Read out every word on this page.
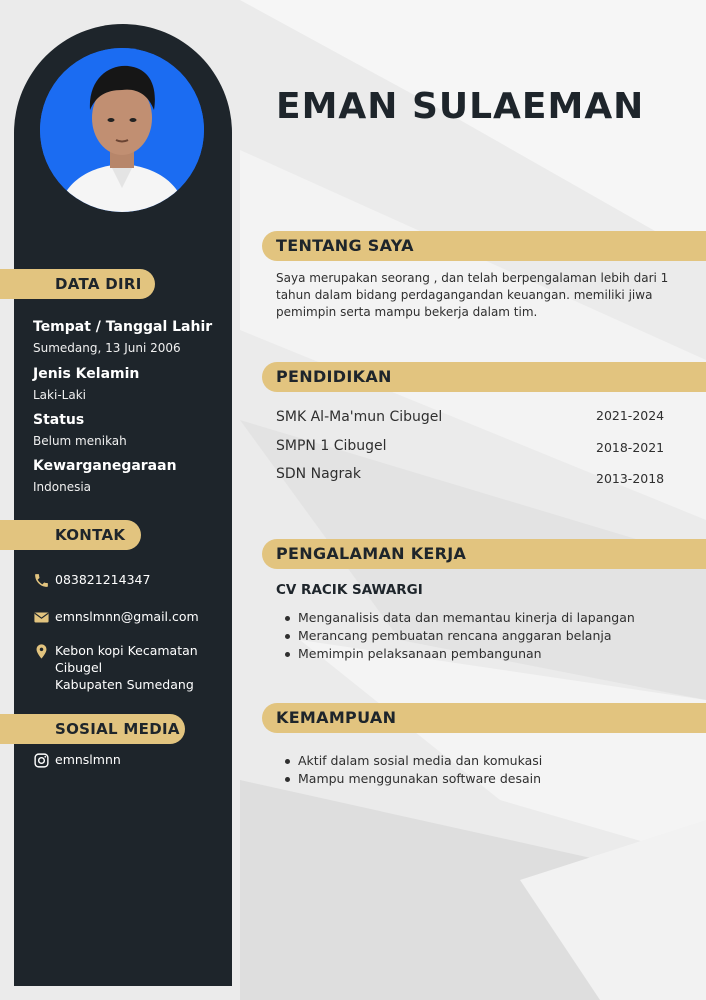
DATA DIRI
Tempat / Tanggal Lahir
Sumedang, 13 Juni 2006
Jenis Kelamin
Laki-Laki
Status
Belum menikah
Kewarganegaraan
Indonesia
KONTAK
083821214347
emnslmnn@gmail.com
Kebon kopi Kecamatan
Cibugel
Kabupaten Sumedang
SOSIAL MEDIA
emnslmnn
EMAN SULAEMAN
TENTANG SAYA
Saya merupakan seorang , dan telah berpengalaman lebih dari 1 tahun dalam bidang perdagangandan keuangan. memiliki jiwa pemimpin serta mampu bekerja dalam tim.
PENDIDIKAN
SMK Al-Ma'mun Cibugel	2021-2024
SMPN 1 Cibugel	2018-2021
SDN Nagrak	2013-2018
PENGALAMAN KERJA
CV RACIK SAWARGI
Menganalisis data dan memantau kinerja di lapangan
Merancang pembuatan rencana anggaran belanja
Memimpin pelaksanaan pembangunan
KEMAMPUAN
Aktif dalam sosial media dan komukasi
Mampu menggunakan software desain
